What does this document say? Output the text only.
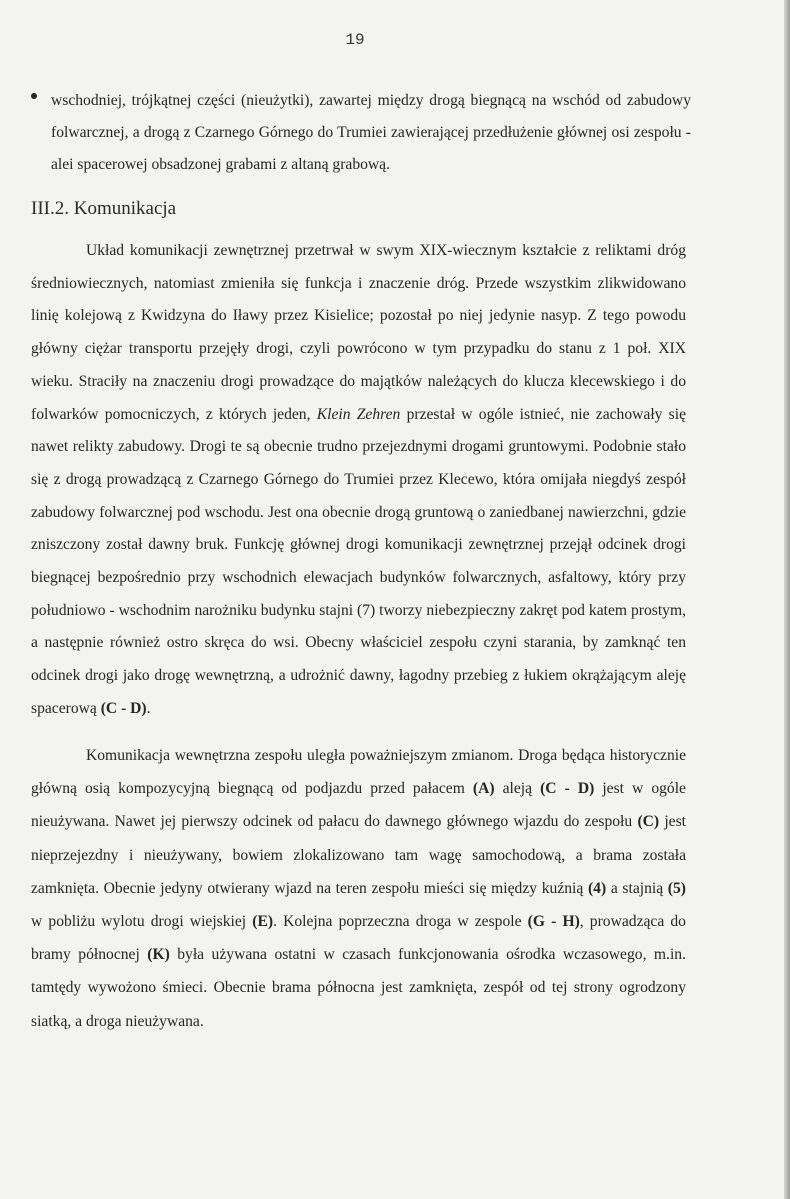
19
wschodniej, trójkątnej części (nieużytki), zawartej między drogą biegnącą na wschód od zabudowy folwarcznej, a drogą z Czarnego Górnego do Trumiei zawierającej przedłużenie głównej osi zespołu - alei spacerowej obsadzonej grabami z altaną grabową.
III.2. Komunikacja

Układ komunikacji zewnętrznej przetrwał w swym XIX-wiecznym kształcie z reliktami dróg średniowiecznych, natomiast zmieniła się funkcja i znaczenie dróg. Przede wszystkim zlikwidowano linię kolejową z Kwidzyna do Iławy przez Kisielice; pozostał po niej jedynie nasyp. Z tego powodu główny ciężar transportu przejęły drogi, czyli powrócono w tym przypadku do stanu z 1 poł. XIX wieku. Straciły na znaczeniu drogi prowadzące do majątków należących do klucza klecewskiego i do folwarków pomocniczych, z których jeden, Klein Zehren przestał w ogóle istnieć, nie zachowały się nawet relikty zabudowy. Drogi te są obecnie trudno przejezdnymi drogami gruntowymi. Podobnie stało się z drogą prowadzącą z Czarnego Górnego do Trumiei przez Klecewo, która omijała niegdyś zespół zabudowy folwarcznej pod wschodu. Jest ona obecnie drogą gruntową o zaniedbanej nawierzchni, gdzie zniszczony został dawny bruk. Funkcję głównej drogi komunikacji zewnętrznej przejął odcinek drogi biegnącej bezpośrednio przy wschodnich elewacjach budynków folwarcznych, asfaltowy, który przy południowo - wschodnim narożniku budynku stajni (7) tworzy niebezpieczny zakręt pod katem prostym, a następnie również ostro skręca do wsi. Obecny właściciel zespołu czyni starania, by zamknąć ten odcinek drogi jako drogę wewnętrzną, a udrożnić dawny, łagodny przebieg z łukiem okrążającym aleję spacerową (C - D).

Komunikacja wewnętrzna zespołu uległa poważniejszym zmianom. Droga będąca historycznie główną osią kompozycyjną biegnącą od podjazdu przed pałacem (A) aleją (C - D) jest w ogóle nieużywana. Nawet jej pierwszy odcinek od pałacu do dawnego głównego wjazdu do zespołu (C) jest nieprzejezdny i nieużywany, bowiem zlokalizowano tam wagę samochodową, a brama została zamknięta. Obecnie jedyny otwierany wjazd na teren zespołu mieści się między kuźnią (4) a stajnią (5) w pobliżu wylotu drogi wiejskiej (E). Kolejna poprzeczna droga w zespole (G - H), prowadząca do bramy północnej (K) była używana ostatni w czasach funkcjonowania ośrodka wczasowego, m.in. tamtędy wywożono śmieci. Obecnie brama północna jest zamknięta, zespół od tej strony ogrodzony siatką, a droga nieużywana.
